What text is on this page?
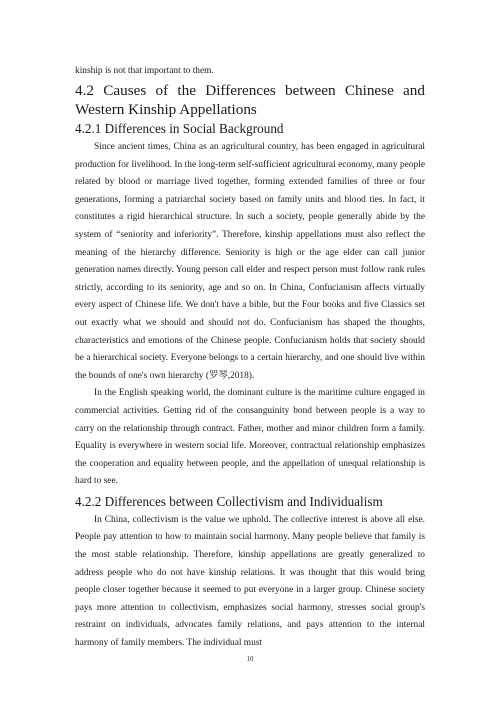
kinship is not that important to them.

4.2 Causes of the Differences between Chinese and Western Kinship Appellations
4.2.1 Differences in Social Background

Since ancient times, China as an agricultural country, has been engaged in agricultural production for livelihood. In the long-term self-sufficient agricultural economy, many people related by blood or marriage lived together, forming extended families of three or four generations, forming a patriarchal society based on family units and blood ties. In fact, it constitutes a rigid hierarchical structure. In such a society, people generally abide by the system of “seniority and inferiority”. Therefore, kinship appellations must also reflect the meaning of the hierarchy difference. Seniority is high or the age elder can call junior generation names directly. Young person call elder and respect person must follow rank rules strictly, according to its seniority, age and so on. In China, Confucianism affects virtually every aspect of Chinese life. We don't have a bible, but the Four books and five Classics set out exactly what we should and should not do. Confucianism has shaped the thoughts, characteristics and emotions of the Chinese people. Confucianism holds that society should be a hierarchical society. Everyone belongs to a certain hierarchy, and one should live within the bounds of one's own hierarchy (罗琴,2018).

In the English speaking world, the dominant culture is the maritime culture engaged in commercial activities. Getting rid of the consanguinity bond between people is a way to carry on the relationship through contract. Father, mother and minor children form a family. Equality is everywhere in western social life. Moreover, contractual relationship emphasizes the cooperation and equality between people, and the appellation of unequal relationship is hard to see.

4.2.2 Differences between Collectivism and Individualism

In China, collectivism is the value we uphold. The collective interest is above all else. People pay attention to how to maintain social harmony. Many people believe that family is the most stable relationship. Therefore, kinship appellations are greatly generalized to address people who do not have kinship relations. It was thought that this would bring people closer together because it seemed to put everyone in a larger group. Chinese society pays more attention to collectivism, emphasizes social harmony, stresses social group's restraint on individuals, advocates family relations, and pays attention to the internal harmony of family members. The individual must

10
